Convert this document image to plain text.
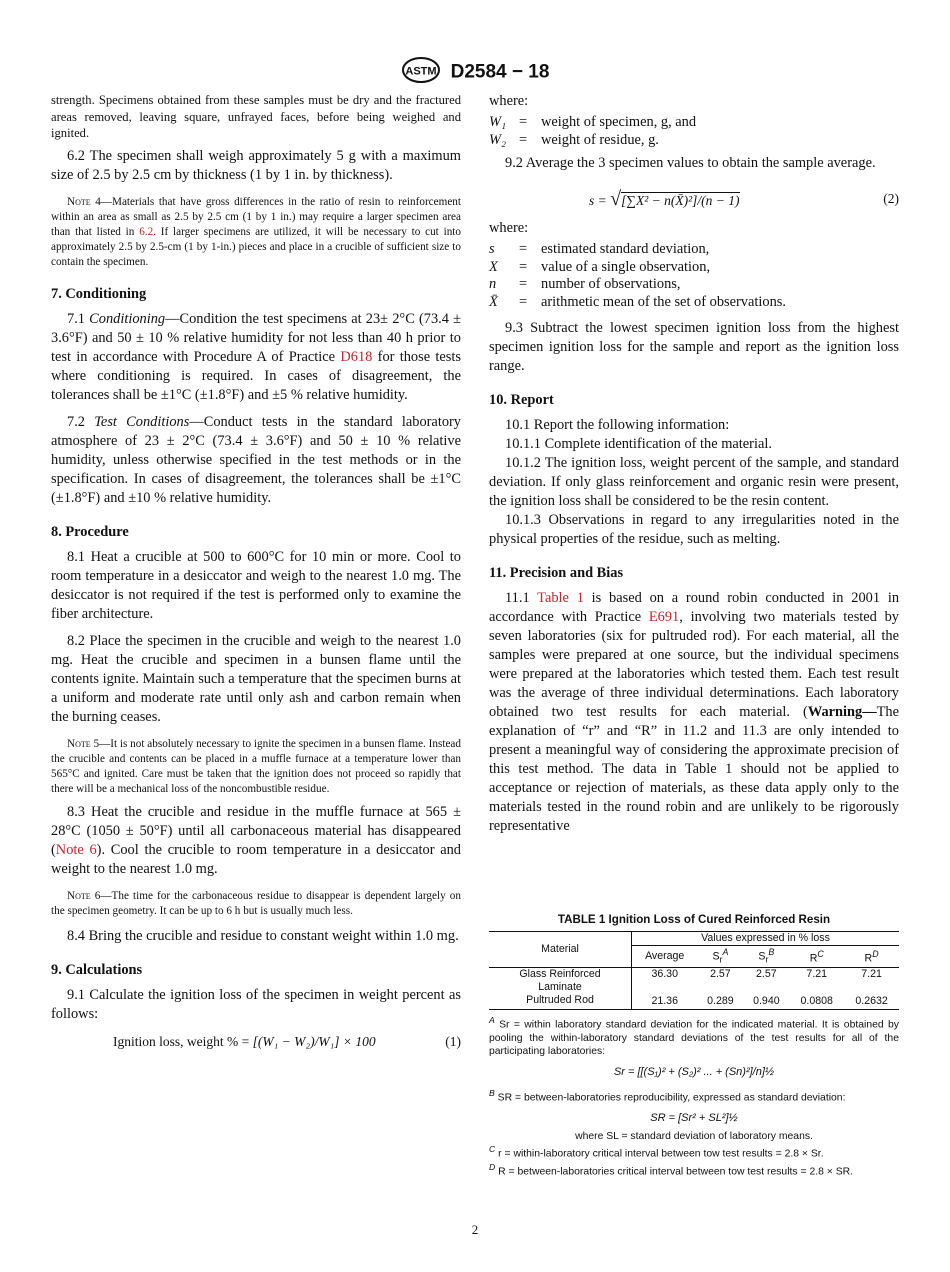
ASTM D2584 − 18

strength. Specimens obtained from these samples must be dry and the fractured areas removed, leaving square, unfrayed faces, before being weighed and ignited.

6.2 The specimen shall weigh approximately 5 g with a maximum size of 2.5 by 2.5 cm by thickness (1 by 1 in. by thickness).

Note 4—Materials that have gross differences in the ratio of resin to reinforcement within an area as small as 2.5 by 2.5 cm (1 by 1 in.) may require a larger specimen area than that listed in 6.2. If larger specimens are utilized, it will be necessary to cut into approximately 2.5 by 2.5-cm (1 by 1-in.) pieces and place in a crucible of sufficient size to contain the specimen.

7. Conditioning

7.1 Conditioning—Condition the test specimens at 23± 2°C (73.4 ± 3.6°F) and 50 ± 10 % relative humidity for not less than 40 h prior to test in accordance with Procedure A of Practice D618 for those tests where conditioning is required. In cases of disagreement, the tolerances shall be ±1°C (±1.8°F) and ±5 % relative humidity.

7.2 Test Conditions—Conduct tests in the standard laboratory atmosphere of 23 ± 2°C (73.4 ± 3.6°F) and 50 ± 10 % relative humidity, unless otherwise specified in the test methods or in the specification. In cases of disagreement, the tolerances shall be ±1°C (±1.8°F) and ±10 % relative humidity.

8. Procedure

8.1 Heat a crucible at 500 to 600°C for 10 min or more. Cool to room temperature in a desiccator and weigh to the nearest 1.0 mg. The desiccator is not required if the test is performed only to examine the fiber architecture.

8.2 Place the specimen in the crucible and weigh to the nearest 1.0 mg. Heat the crucible and specimen in a bunsen flame until the contents ignite. Maintain such a temperature that the specimen burns at a uniform and moderate rate until only ash and carbon remain when the burning ceases.

Note 5—It is not absolutely necessary to ignite the specimen in a bunsen flame. Instead the crucible and contents can be placed in a muffle furnace at a temperature lower than 565°C and ignited. Care must be taken that the ignition does not proceed so rapidly that there will be a mechanical loss of the noncombustible residue.

8.3 Heat the crucible and residue in the muffle furnace at 565 ± 28°C (1050 ± 50°F) until all carbonaceous material has disappeared (Note 6). Cool the crucible to room temperature in a desiccator and weight to the nearest 1.0 mg.

Note 6—The time for the carbonaceous residue to disappear is dependent largely on the specimen geometry. It can be up to 6 h but is usually much less.

8.4 Bring the crucible and residue to constant weight within 1.0 mg.

9. Calculations

9.1 Calculate the ignition loss of the specimen in weight percent as follows:

Ignition loss, weight % = [(W₁ − W₂)/W₁] × 100	(1)

where:

W₁ = weight of specimen, g, and
W₂ = weight of residue, g.

9.2 Average the 3 specimen values to obtain the sample average.

s = √[∑X² − n(X̄)²]/(n − 1)	(2)

where:

s	= estimated standard deviation,
X	= value of a single observation,
n	= number of observations,
X̄	= arithmetic mean of the set of observations.

9.3 Subtract the lowest specimen ignition loss from the highest specimen ignition loss for the sample and report as the ignition loss range.

10. Report

10.1 Report the following information:

10.1.1 Complete identification of the material.

10.1.2 The ignition loss, weight percent of the sample, and standard deviation. If only glass reinforcement and organic resin were present, the ignition loss shall be considered to be the resin content.

10.1.3 Observations in regard to any irregularities noted in the physical properties of the residue, such as melting.

11. Precision and Bias

11.1 Table 1 is based on a round robin conducted in 2001 in accordance with Practice E691, involving two materials tested by seven laboratories (six for pultruded rod). For each material, all the samples were prepared at one source, but the individual specimens were prepared at the laboratories which tested them. Each test result was the average of three individual determinations. Each laboratory obtained two test results for each material. (Warning—The explanation of “r” and “R” in 11.2 and 11.3 are only intended to present a meaningful way of considering the approximate precision of this test method. The data in Table 1 should not be applied to acceptance or rejection of materials, as these data apply only to the materials tested in the round robin and are unlikely to be rigorously representative

TABLE 1 Ignition Loss of Cured Reinforced Resin
Material	Values expressed in % loss				
	Average	$S_r^A$	$S_r^B$	$R^C$	$R^D$
Glass Reinforced
Laminate	36.30	2.57	2.57	7.21	7.21
Pultruded Rod	21.36	0.289	0.940	0.0808	0.2632

$^A$ Sr = within laboratory standard deviation for the indicated material. It is obtained by pooling the within-laboratory standard deviations of the test results for all of the participating laboratories:

Sr = [[(S₁)² + (S₂)² ... + (Sn)²]/n]½

$^B$ SR = between-laboratories reproducibility, expressed as standard deviation:

SR = [Sr² + SL²]½

where SL = standard deviation of laboratory means.

$^C$ r = within-laboratory critical interval between tow test results = 2.8 × Sr.

$^D$ R = between-laboratories critical interval between tow test results = 2.8 × SR.

2
